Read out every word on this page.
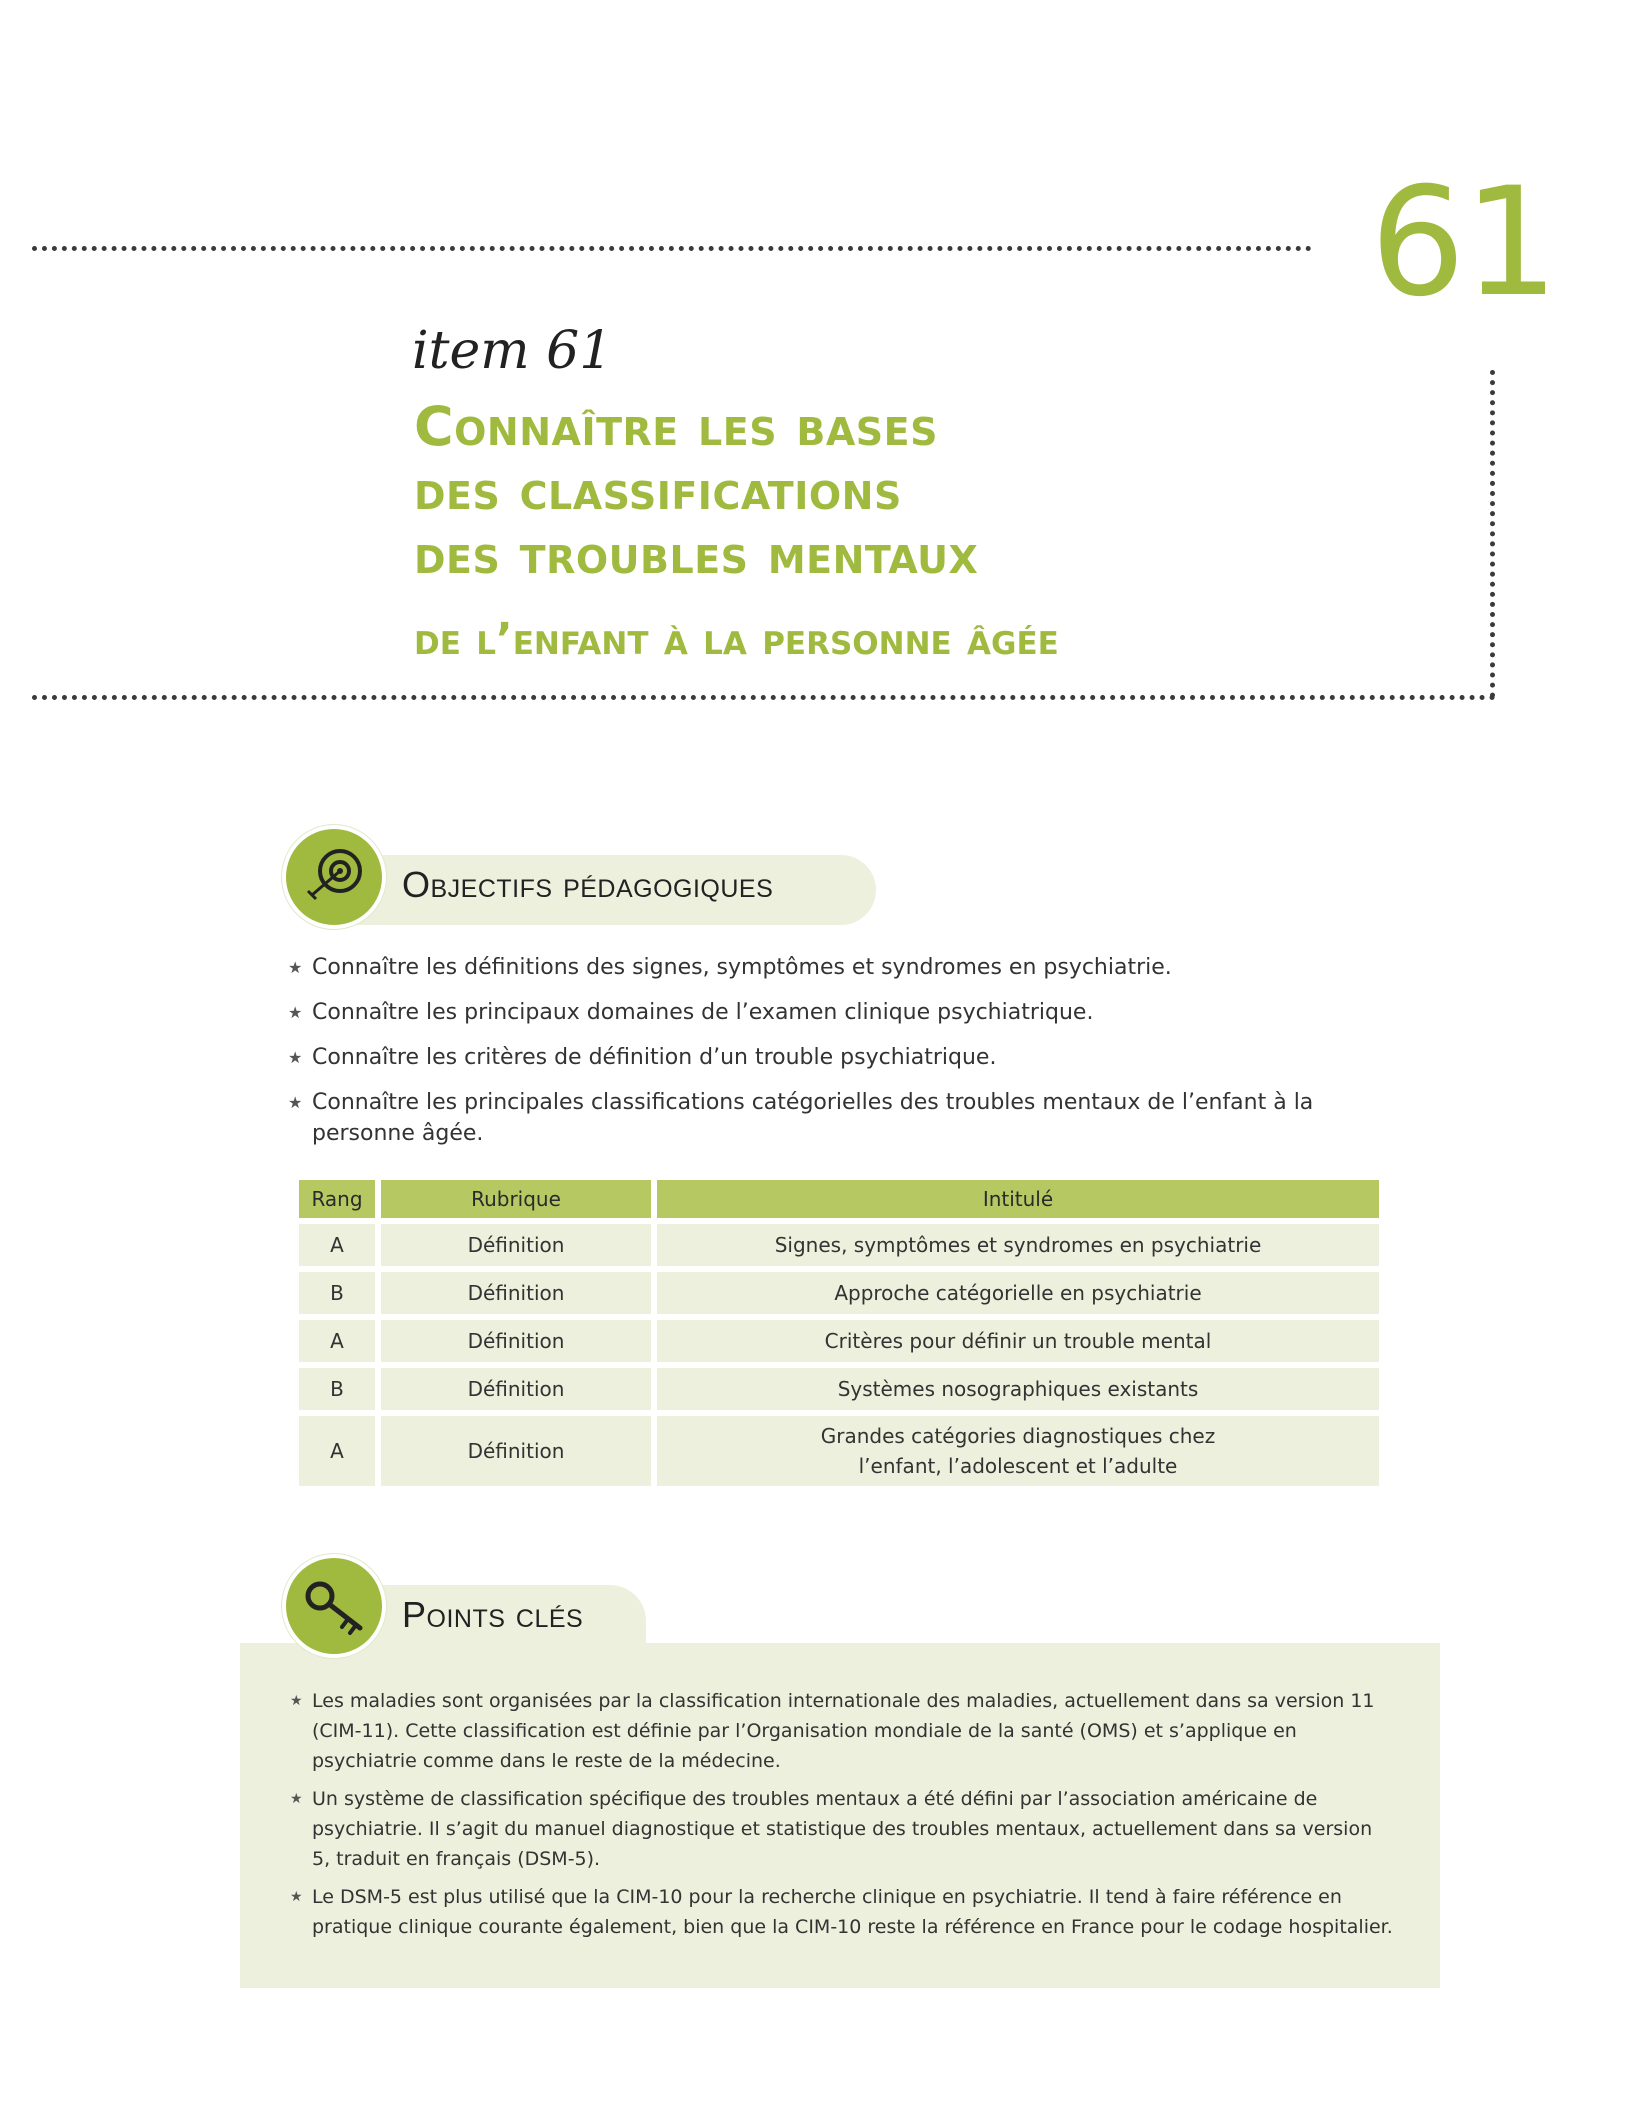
61
item 61
Connaître les bases
des classifications
des troubles mentaux
de l’enfant à la personne âgée
Objectifs pédagogiques
★ Connaître les définitions des signes, symptômes et syndromes en psychiatrie.
★ Connaître les principaux domaines de l’examen clinique psychiatrique.
★ Connaître les critères de définition d’un trouble psychiatrique.
★ Connaître les principales classifications catégorielles des troubles mentaux de l’enfant à la personne âgée.
Rang	Rubrique	Intitulé
A	Définition	Signes, symptômes et syndromes en psychiatrie
B	Définition	Approche catégorielle en psychiatrie
A	Définition	Critères pour définir un trouble mental
B	Définition	Systèmes nosographiques existants
A	Définition	Grandes catégories diagnostiques chez l’enfant, l’adolescent et l’adulte
Points clés
★ Les maladies sont organisées par la classification internationale des maladies, actuellement dans sa version 11 (CIM-11). Cette classification est définie par l’Organisation mondiale de la santé (OMS) et s’applique en psychiatrie comme dans le reste de la médecine.
★ Un système de classification spécifique des troubles mentaux a été défini par l’association américaine de psychiatrie. Il s’agit du manuel diagnostique et statistique des troubles mentaux, actuellement dans sa version 5, traduit en français (DSM-5).
★ Le DSM-5 est plus utilisé que la CIM-10 pour la recherche clinique en psychiatrie. Il tend à faire référence en pratique clinique courante également, bien que la CIM-10 reste la référence en France pour le codage hospitalier.
